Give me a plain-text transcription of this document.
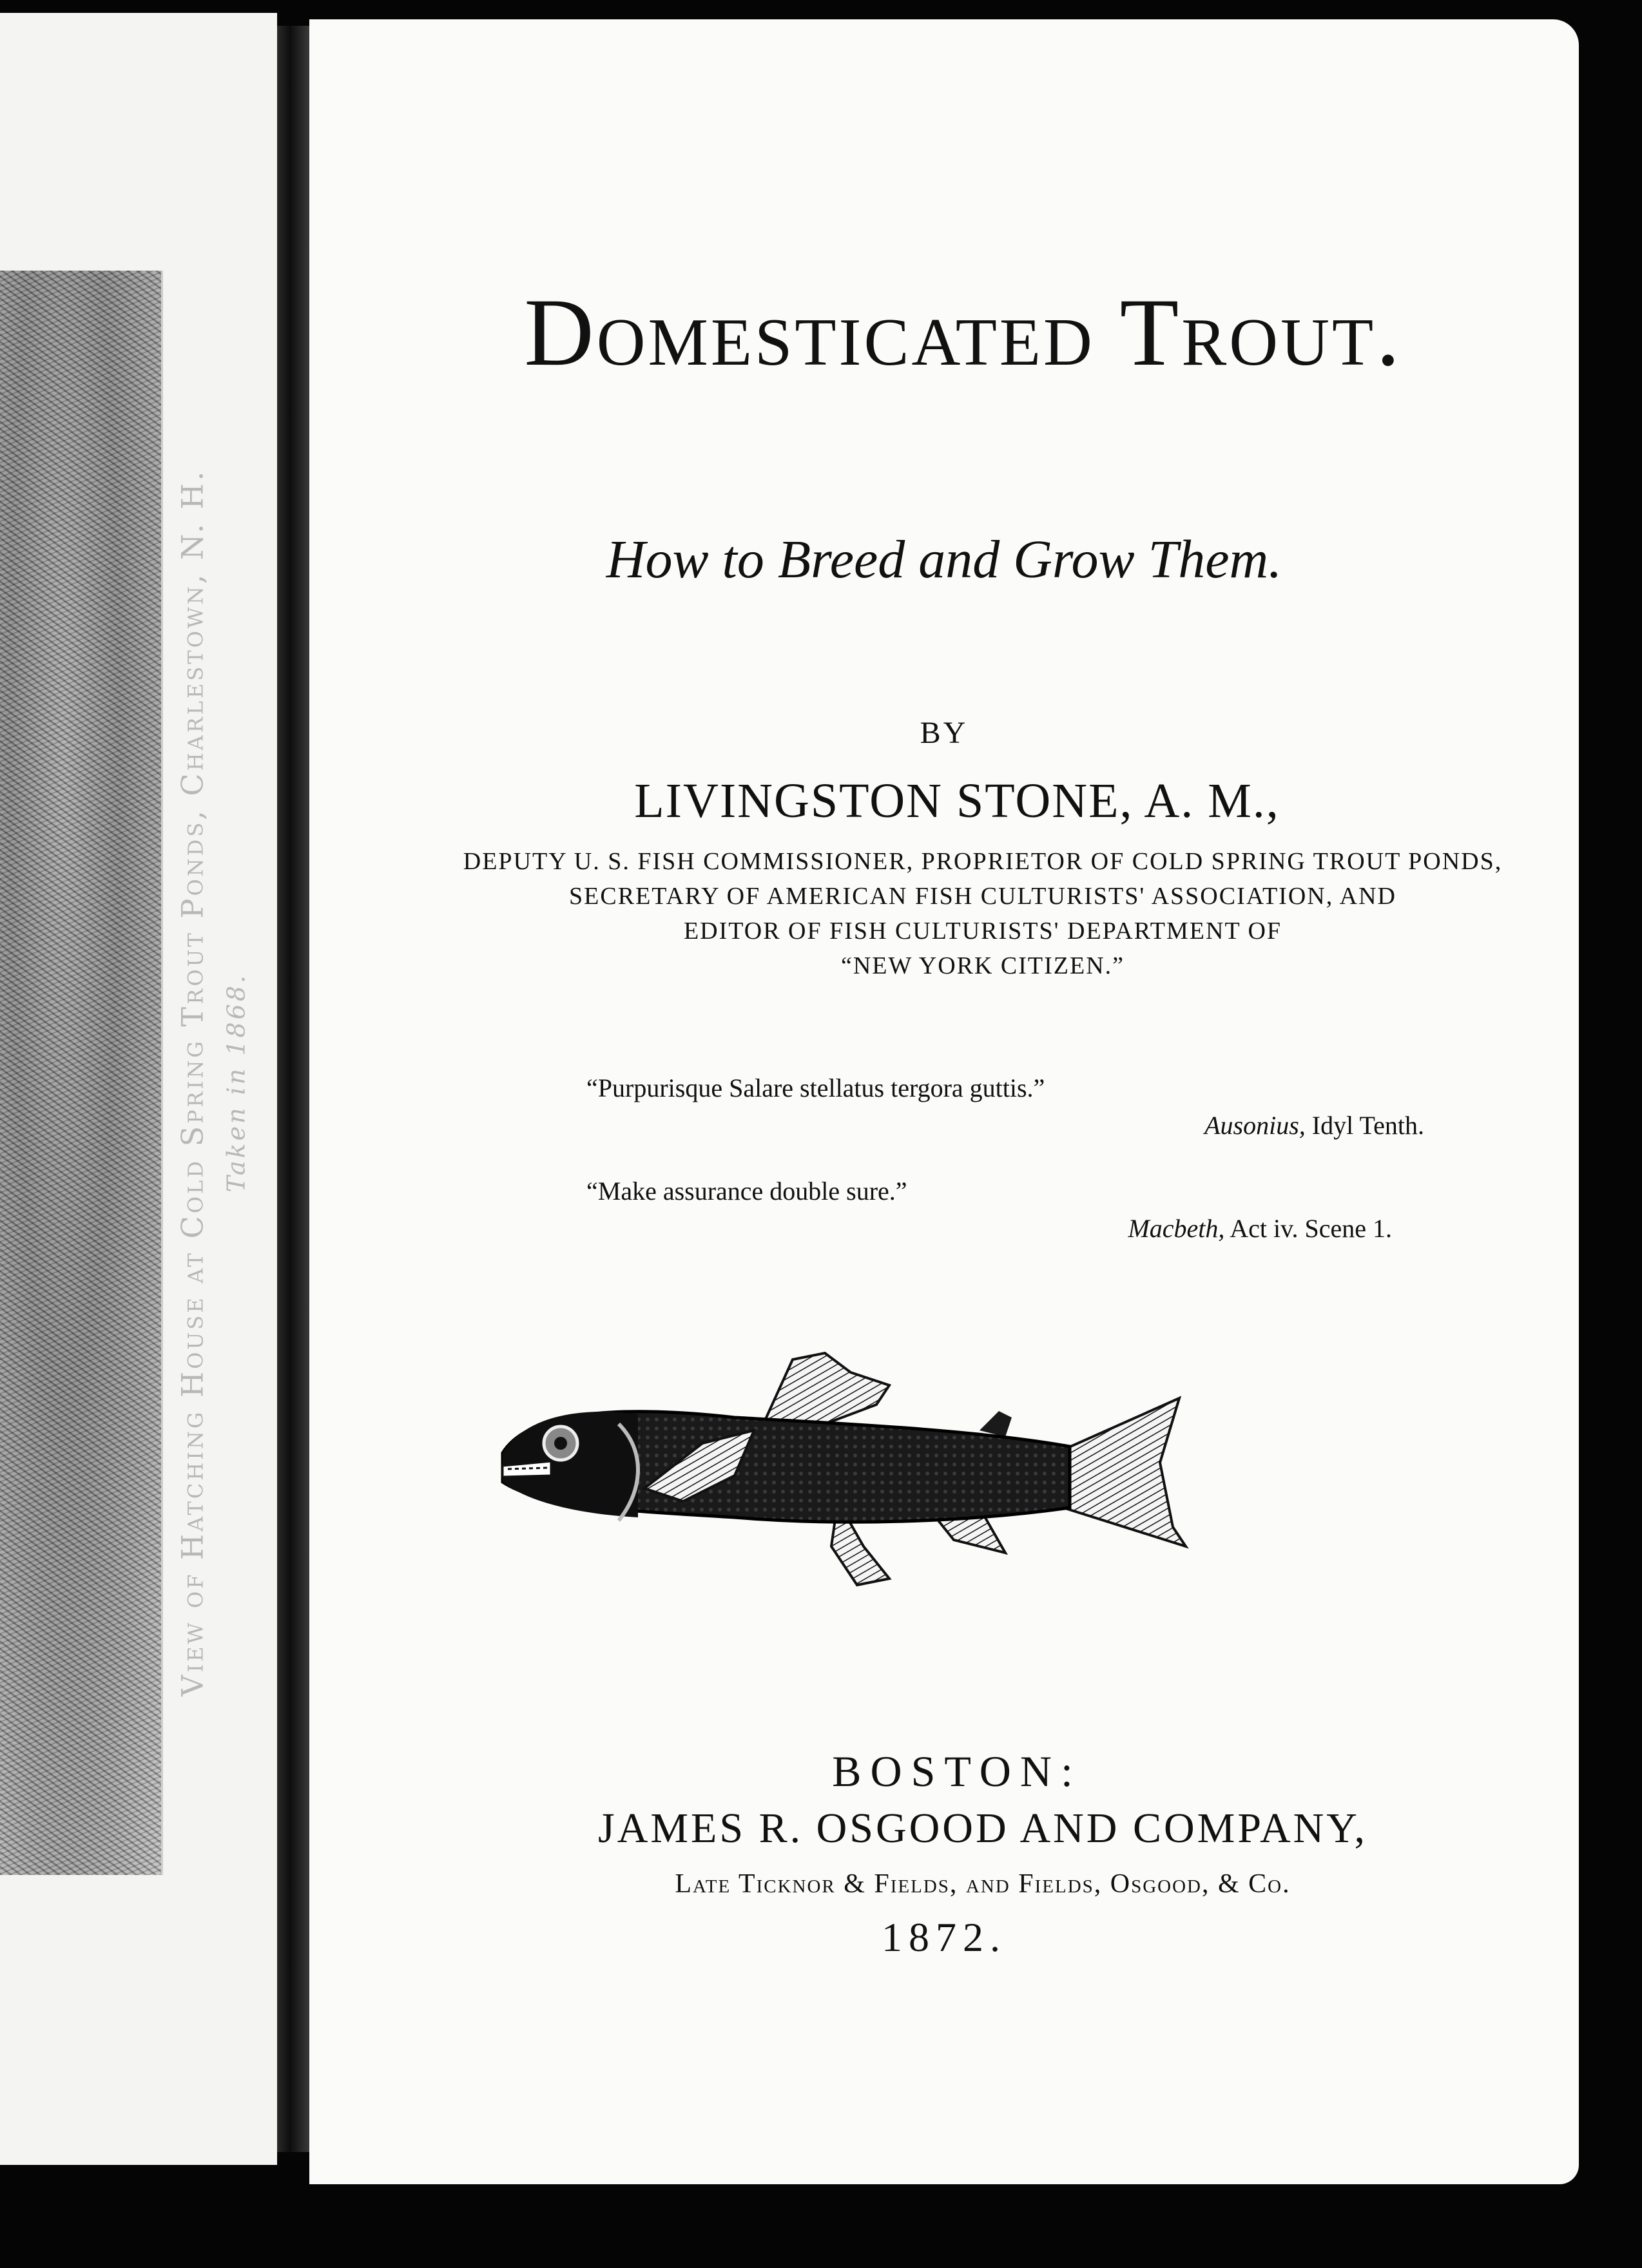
View of Hatching House at Cold Spring Trout Ponds, Charlestown, N. H. Taken in 1868.
Domesticated Trout.
How to Breed and Grow Them.
BY
LIVINGSTON STONE, A. M.,
DEPUTY U. S. FISH COMMISSIONER, PROPRIETOR OF COLD SPRING TROUT PONDS,
SECRETARY OF AMERICAN FISH CULTURISTS' ASSOCIATION, AND
EDITOR OF FISH CULTURISTS' DEPARTMENT OF
“NEW YORK CITIZEN.”
“Purpurisque Salare stellatus tergora guttis.”
Ausonius, Idyl Tenth.
“Make assurance double sure.”
Macbeth, Act iv. Scene 1.
BOSTON:
JAMES R. OSGOOD AND COMPANY,
Late Ticknor & Fields, and Fields, Osgood, & Co.
1872.
